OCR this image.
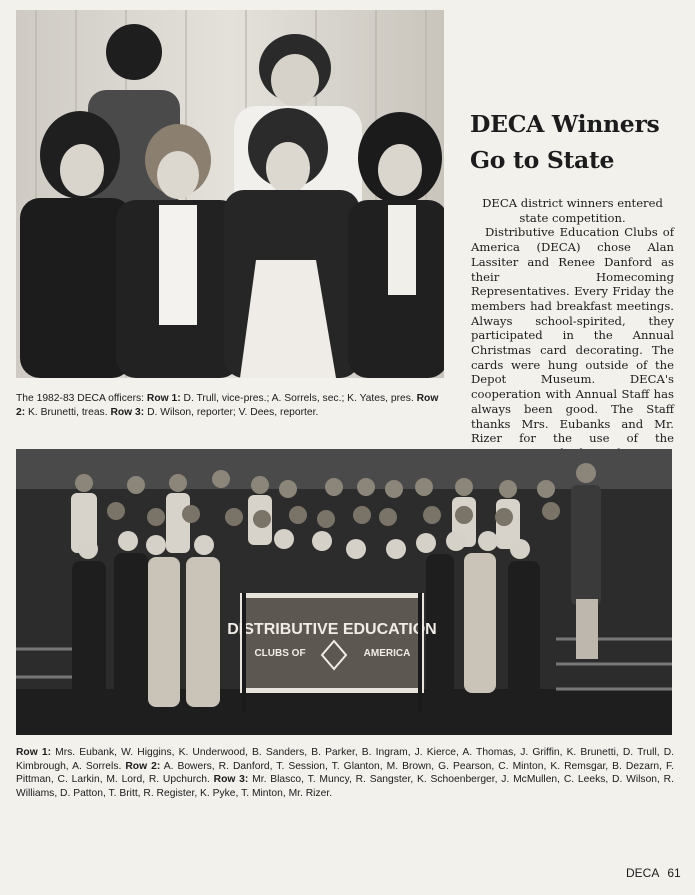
The 1982-83 DECA officers: Row 1: D. Trull, vice-pres.; A. Sorrels, sec.; K. Yates, pres. Row 2: K. Brunetti, treas. Row 3: D. Wilson, reporter; V. Dees, reporter.
DECA Winners Go to State

DECA district winners entered state competition.

Distributive Education Clubs of America (DECA) chose Alan Lassiter and Renee Danford as their Homecoming Representatives. Every Friday the members had breakfast meetings. Always school-spirited, they participated in the Annual Christmas card decorating. The cards were hung outside of the Depot Museum. DECA's cooperation with Annual Staff has always been good. The Staff thanks Mrs. Eubanks and Mr. Rizer for the use of the

DISTRIBUTIVE EDUCATION
CLUBS OF	AMERICA
Row 1: Mrs. Eubank, W. Higgins, K. Underwood, B. Sanders, B. Parker, B. Ingram, J. Kierce, A. Thomas, J. Griffin, K. Brunetti, D. Trull, D. Kimbrough, A. Sorrels. Row 2: A. Bowers, R. Danford, T. Session, T. Glanton, M. Brown, G. Pearson, C. Minton, K. Remsgar, B. Dezarn, F. Pittman, C. Larkin, M. Lord, R. Upchurch. Row 3: Mr. Blasco, T. Muncy, R. Sangster, K. Schoenberger, J. McMullen, C. Leeks, D. Wilson, R. Williams, D. Patton, T. Britt, R. Register, K. Pyke, T. Minton, Mr. Rizer.
DECA 61
